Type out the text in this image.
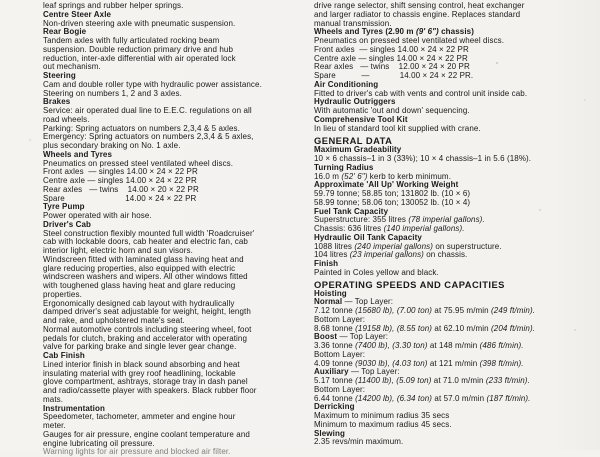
leaf springs and rubber helper springs.
Centre Steer Axle
Non-driven steering axle with pneumatic suspension.
Rear Bogie
Tandem axles with fully articulated rocking beam
suspension. Double reduction primary drive and hub
reduction, inter-axle differential with air operated lock
out mechanism.
Steering
Cam and double roller type with hydraulic power assistance.
Steering on numbers 1, 2 and 3 axles.
Brakes
Service: air operated dual line to E.E.C. regulations on all
road wheels.
Parking: Spring actuators on numbers 2,3,4 & 5 axles.
Emergency: Spring actuators on numbers 2,3,4 & 5 axles,
plus secondary braking on No. 1 axle.
Wheels and Tyres
Pneumatics on pressed steel ventilated wheel discs.
Front axles  — singles 14.00 × 24 × 22 PR
Centre axle — singles 14.00 × 24 × 22 PR
Rear axles   — twins    14.00 × 20 × 22 PR
Spare                          14.00 × 24 × 22 PR
Tyre Pump
Power operated with air hose.
Driver's Cab
Steel construction flexibly mounted full width 'Roadcruiser'
cab with lockable doors, cab heater and electric fan, cab
interior light, electric horn and sun visors.
Windscreen fitted with laminated glass having heat and
glare reducing properties, also equipped with electric
windscreen washers and wipers. All other windows fitted
with toughened glass having heat and glare reducing
properties.
Ergonomically designed cab layout with hydraulically
damped driver's seat adjustable for weight, height, length
and rake, and upholstered mate's seat.
Normal automotive controls including steering wheel, foot
pedals for clutch, braking and accelerator with operating
valve for parking brake and single lever gear change.
Cab Finish
Lined interior finish in black sound absorbing and heat
insulating material with grey roof headlining, lockable
glove compartment, ashtrays, storage tray in dash panel
and radio/cassette player with speakers. Black rubber floor
mats.
Instrumentation
Speedometer, tachometer, ammeter and engine hour
meter.
Gauges for air pressure, engine coolant temperature and
engine lubricating oil pressure.
Warning lights for air pressure and blocked air filter.
drive range selector, shift sensing control, heat exchanger
and larger radiator to chassis engine. Replaces standard
manual transmission.
Wheels and Tyres (2.90 m (9' 6") chassis)
Pneumatics on pressed steel ventilated wheel discs.
Front axles  — singles 14.00 × 24 × 22 PR
Centre axle — singles 14.00 × 24 × 22 PR
Rear axles   — twins    12.00 × 24 × 20 PR
Spare           —             14.00 × 24 × 22 PR.
Air Conditioning
Fitted to driver's cab with vents and control unit inside cab.
Hydraulic Outriggers
With automatic 'out and down' sequencing.
Comprehensive Tool Kit
In lieu of standard tool kit supplied with crane.
GENERAL DATA
Maximum Gradeability
10 × 6 chassis–1 in 3 (33%); 10 × 4 chassis–1 in 5.6 (18%).
Turning Radius
16.0 m (52' 6") kerb to kerb minimum.
Approximate 'All Up' Working Weight
59.79 tonne; 58.85 ton; 131802 lb. (10 × 6)
58.99 tonne; 58.06 ton; 130052 lb. (10 × 4)
Fuel Tank Capacity
Superstructure: 355 litres (78 imperial gallons).
Chassis: 636 litres (140 imperial gallons).
Hydraulic Oil Tank Capacity
1088 litres (240 imperial gallons) on superstructure.
104 litres (23 imperial gallons) on chassis.
Finish
Painted in Coles yellow and black.
OPERATING SPEEDS AND CAPACITIES
Hoisting
Normal — Top Layer:
7.12 tonne (15680 lb), (7.00 ton) at 75.95 m/min (249 ft/min).
Bottom Layer:
8.68 tonne (19158 lb), (8.55 ton) at 62.10 m/min (204 ft/min).
Boost — Top Layer:
3.36 tonne (7400 lb), (3.30 ton) at 148 m/min (486 ft/min).
Bottom Layer:
4.09 tonne (9030 lb), (4.03 ton) at 121 m/min (398 ft/min).
Auxiliary — Top Layer:
5.17 tonne (11400 lb), (5.09 ton) at 71.0 m/min (233 ft/min).
Bottom Layer:
6.44 tonne (14200 lb), (6.34 ton) at 57.0 m/min (187 ft/min).
Derricking
Maximum to minimum radius 35 secs
Minimum to maximum radius 45 secs.
Slewing
2.35 revs/min maximum.
